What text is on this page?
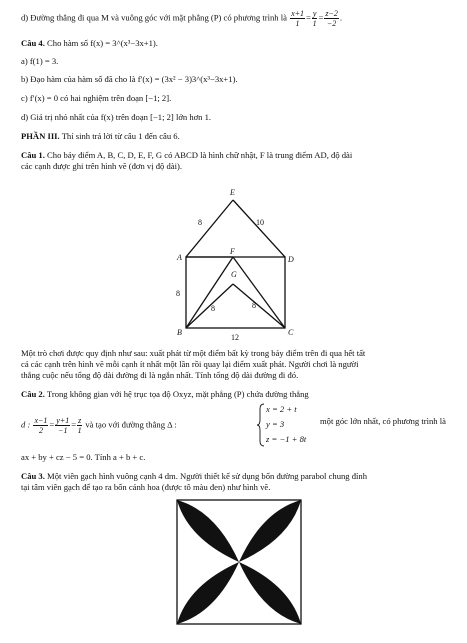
d) Đường thẳng đi qua M và vuông góc với mặt phẳng (P) có phương trình là $\frac{x+1}{1} = \frac{y}{1} = \frac{z-2}{-2}$ .
Câu 4. Cho hàm số f(x) = 3^(x³−3x+1).
a) f(1) = 3.
b) Đạo hàm của hàm số đã cho là f′(x) = (3x² − 3)3^(x³−3x+1).
c) f′(x) = 0 có hai nghiệm trên đoạn [−1; 2].
d) Giá trị nhỏ nhất của f(x) trên đoạn [−1; 2] lớn hơn 1.
PHẦN III. Thí sinh trả lời từ câu 1 đến câu 6.
Câu 1. Cho bảy điểm A, B, C, D, E, F, G có ABCD là hình chữ nhật, F là trung điểm AD, độ dài
các cạnh được ghi trên hình vẽ (đơn vị độ dài).
E
A	D
F
G
B	C
8	10
8
8	8
12
Một trò chơi được quy định như sau: xuất phát từ một điểm bất kỳ trong bảy điểm trên đi qua hết tất
cả các cạnh trên hình vẽ mỗi cạnh ít nhất một lần rồi quay lại điểm xuất phát. Người chơi là người
thắng cuộc nếu tổng độ dài đường đi là ngắn nhất. Tính tổng độ dài đường đi đó.
Câu 2. Trong không gian với hệ trục tọa độ Oxyz, mặt phẳng (P) chứa đường thẳng
d : $\frac{x-1}{2} = \frac{y+1}{-1} = \frac{z}{1}$ và tạo với đường thẳng Δ :
x = 2 + t
y = 3
z = −1 + 8t
một góc lớn nhất, có phương trình là
ax + by + cz − 5 = 0. Tính a + b + c.
Câu 3. Một viên gạch hình vuông cạnh 4 dm. Người thiết kế sử dụng bốn đường parabol chung đỉnh
tại tâm viên gạch để tạo ra bốn cánh hoa (được tô màu đen) như hình vẽ.
